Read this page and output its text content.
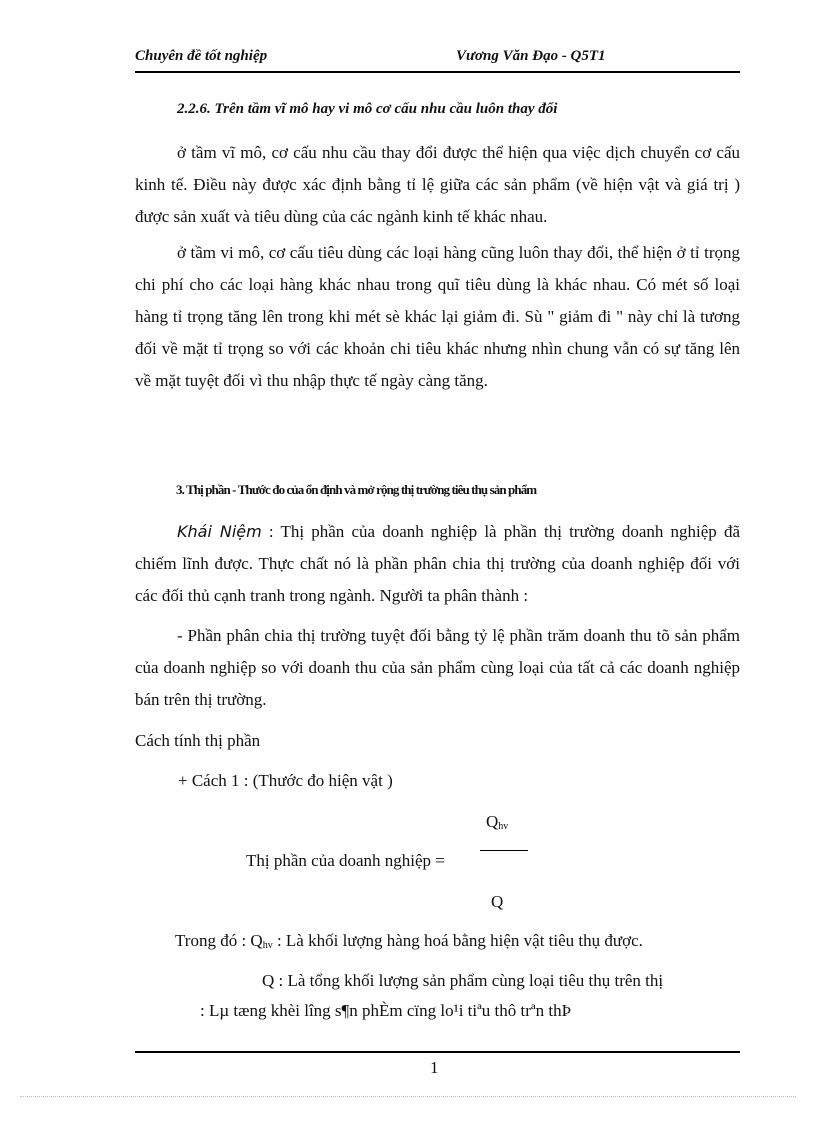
Chuyên đề tốt nghiệp	Vương Văn Đạo - Q5T1
2.2.6. Trên tầm vĩ mô hay vi mô cơ cấu nhu cầu luôn thay đổi

ở tầm vĩ mô, cơ cấu nhu cầu thay đổi được thể hiện qua việc dịch chuyển cơ cấu kinh tế. Điều này được xác định bằng tỉ lệ giữa các sản phẩm (về hiện vật và giá trị ) được sản xuất và tiêu dùng của các ngành kinh tế khác nhau.

ở tầm vi mô, cơ cấu tiêu dùng các loại hàng cũng luôn thay đổi, thể hiện ở tỉ trọng chi phí cho các loại hàng khác nhau trong quĩ tiêu dùng là khác nhau. Có mét số loại hàng tỉ trọng tăng lên trong khi mét sè khác lại giảm đi. Sù " giảm đi " này chỉ là tương đối về mặt tỉ trọng so với các khoản chi tiêu khác nhưng nhìn chung vẫn có sự tăng lên về mặt tuyệt đối vì thu nhập thực tế ngày càng tăng.

3. Thị phần - Thước đo của ổn định và mở rộng thị trường tiêu thụ sản phẩm

Khái Niệm : Thị phần của doanh nghiệp là phần thị trường doanh nghiệp đã chiếm lĩnh được. Thực chất nó là phần phân chia thị trường của doanh nghiệp đối với các đối thủ cạnh tranh trong ngành. Người ta phân thành :

- Phần phân chia thị trường tuyệt đối bằng tỷ lệ phần trăm doanh thu tõ sản phẩm của doanh nghiệp so với doanh thu của sản phẩm cùng loại của tất cả các doanh nghiệp bán trên thị trường.

Cách tính thị phần
+ Cách 1 : (Thước đo hiện vật )
$Q_{hv}$
Thị phần của doanh nghiệp =
Q
Trong đó : $Q_{hv}$ : Là khối lượng hàng hoá bằng hiện vật tiêu thụ được.
Q : Là tổng khối lượng sản phẩm cùng loại tiêu thụ trên thị
: Lµ tæng khèi lîng s¶n phÈm cïng lo¹i tiªu thô trªn thÞ
1
